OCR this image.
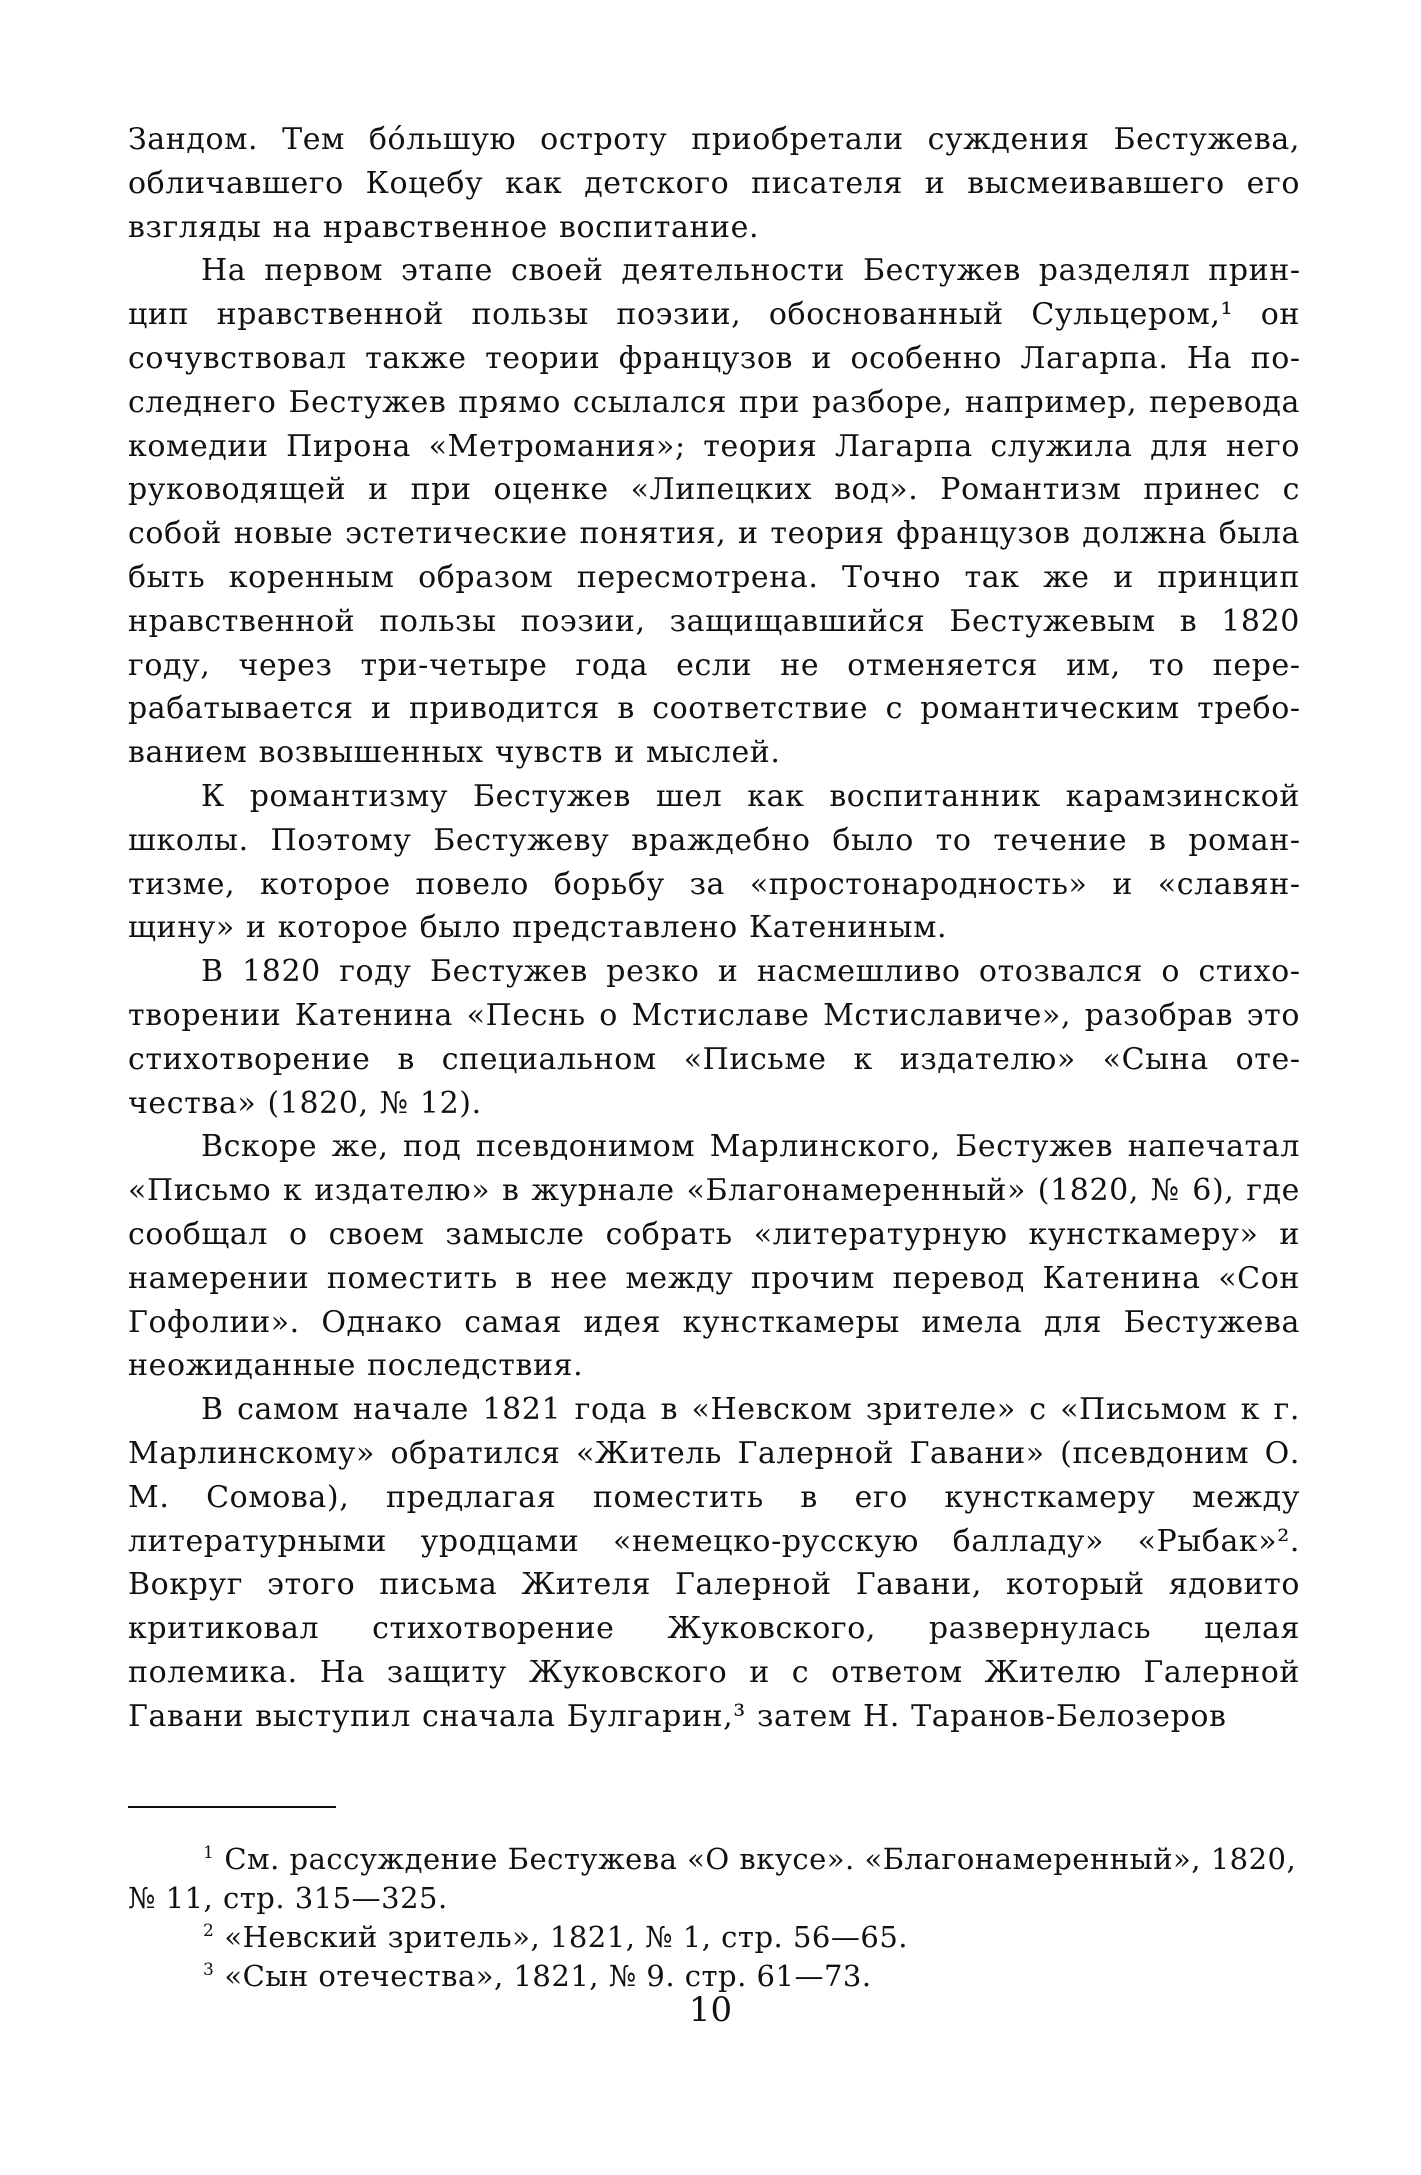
Зандом. Тем бо́льшую остроту приобретали суждения Бестужева, обличавшего Коцебу как детского писателя и высмеивавшего его взгляды на нравственное воспитание.

На первом этапе своей деятельности Бестужев разделял принцип нравственной пользы поэзии, обоснованный Сульцером,¹ он сочувствовал также теории французов и особенно Лагарпа. На последнего Бестужев прямо ссылался при разборе, например, перевода комедии Пирона «Метромания»; теория Лагарпа служила для него руководящей и при оценке «Липецких вод». Романтизм принес с собой новые эстетические понятия, и теория французов должна была быть коренным образом пересмотрена. Точно так же и принцип нравственной пользы поэзии, защищавшийся Бестужевым в 1820 году, через три-четыре года если не отменяется им, то перерабатывается и приводится в соответствие с романтическим требованием возвышенных чувств и мыслей.

К романтизму Бестужев шел как воспитанник карамзинской школы. Поэтому Бестужеву враждебно было то течение в романтизме, которое повело борьбу за «простонародность» и «славянщину» и которое было представлено Катениным.

В 1820 году Бестужев резко и насмешливо отозвался о стихотворении Катенина «Песнь о Мстиславе Мстиславиче», разобрав это стихотворение в специальном «Письме к издателю» «Сына отечества» (1820, № 12).

Вскоре же, под псевдонимом Марлинского, Бестужев напечатал «Письмо к издателю» в журнале «Благонамеренный» (1820, № 6), где сообщал о своем замысле собрать «литературную кунсткамеру» и намерении поместить в нее между прочим перевод Катенина «Сон Гофолии». Однако самая идея кунсткамеры имела для Бестужева неожиданные последствия.

В самом начале 1821 года в «Невском зрителе» с «Письмом к г. Марлинскому» обратился «Житель Галерной Гавани» (псевдоним О. М. Сомова), предлагая поместить в его кунсткамеру между литературными уродцами «немецко-русскую балладу» «Рыбак»². Вокруг этого письма Жителя Галерной Гавани, который ядовито критиковал стихотворение Жуковского, развернулась целая полемика. На защиту Жуковского и с ответом Жителю Галерной Гавани выступил сначала Булгарин,³ затем Н. Таранов-Белозеров

$^1$ См. рассуждение Бестужева «О вкусе». «Благонамеренный», 1820, № 11, стр. 315—325.

$^2$ «Невский зритель», 1821, № 1, стр. 56—65.

$^3$ «Сын отечества», 1821, № 9. стр. 61—73.

10
